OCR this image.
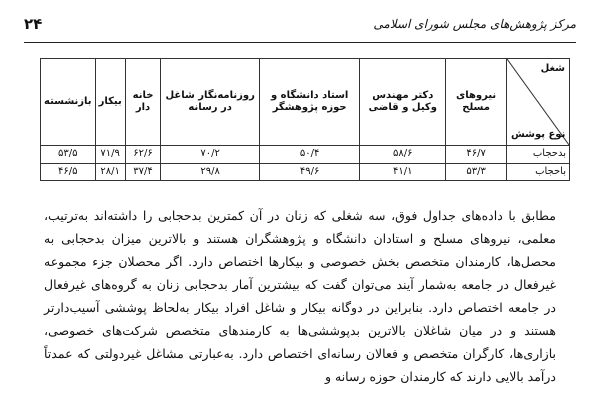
۲۴	مرکز پژوهش‌های مجلس شورای اسلامی
شغل
نوع پوشش	نیروهای مسلح	دکتر مهندس وکیل و قاضی	استاد دانشگاه و حوزه پژوهشگر	روزنامه‌نگار شاغل در رسانه	خانه دار	بیکار	بازنشسته
بدحجاب	۴۶/۷	۵۸/۶	۵۰/۴	۷۰/۲	۶۲/۶	۷۱/۹	۵۳/۵
باحجاب	۵۳/۳	۴۱/۱	۴۹/۶	۲۹/۸	۳۷/۴	۲۸/۱	۴۶/۵

مطابق با داده‌های جداول فوق، سه شغلی که زنان در آن کمترین بدحجابی را داشته‌اند به‌ترتیب، معلمی، نیروهای مسلح و استادان دانشگاه و پژوهشگران هستند و بالاترین میزان بدحجابی به محصل‌ها، کارمندان متخصص بخش خصوصی و بیکارها اختصاص دارد. اگر محصلان جزء مجموعه غیرفعال در جامعه به‌شمار آیند می‌توان گفت که بیشترین آمار بدحجابی زنان به گروه‌های غیرفعال در جامعه اختصاص دارد. بنابراین در دوگانه بیکار و شاغل افراد بیکار به‌لحاظ پوششی آسیب‌دارتر هستند و در میان شاغلان بالاترین بدپوششی‌ها به کارمندهای متخصص شرکت‌های خصوصی، بازاری‌ها، کارگران متخصص و فعالان رسانه‌ای اختصاص دارد. به‌عبارتی مشاغل غیردولتی که عمدتاً درآمد بالایی دارند که کارمندان حوزه رسانه و
